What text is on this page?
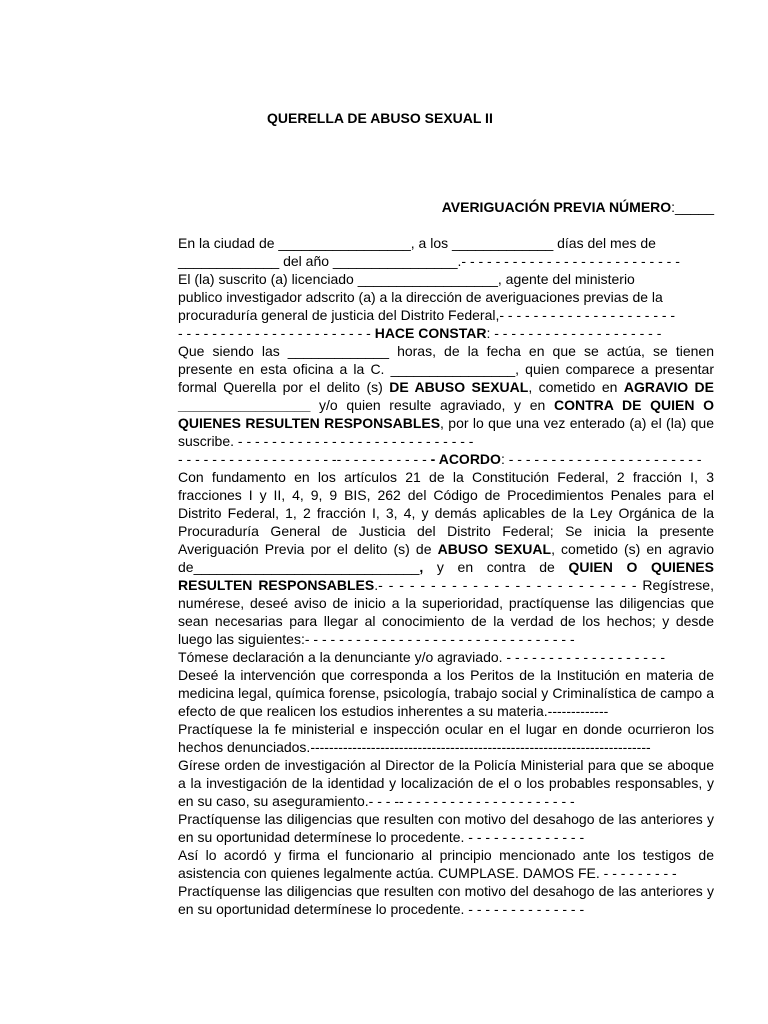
QUERELLA DE ABUSO SEXUAL II
AVERIGUACIÓN PREVIA NÚMERO:_____

En la ciudad de _________________, a los _____________ días del mes de

_____________ del año ________________.- - - - - - - - - - - - - - - - - - - - - - - - - -

El (la) suscrito (a) licenciado __________________, agente del ministerio

publico investigador adscrito (a) a la dirección de averiguaciones previas de la

procuraduría general de justicia del Distrito Federal,- - - - - - - - - - - - - - - - - - - - -

- - - - - - - - - - - - - - - - - - - - - - - HACE CONSTAR: - - - - - - - - - - - - - - - - - - - -

Que siendo las _____________ horas, de la fecha en que se actúa, se tienen presente en esta oficina a la C. ________________, quien comparece a presentar formal Querella por el delito (s) DE ABUSO SEXUAL, cometido en AGRAVIO DE _________________ y/o quien resulte agraviado, y en CONTRA DE QUIEN O QUIENES RESULTEN RESPONSABLES, por lo que una vez enterado (a) el (la) que suscribe. - - - - - - - - - - - - - - - - - - - - - - - - - - - -

- - - - - - - - - - - - - - - - - - -- - - - - - - - - - - - ACORDO: - - - - - - - - - - - - - - - - - - - - - - -

Con fundamento en los artículos 21 de la Constitución Federal, 2 fracción I, 3 fracciones I y II, 4, 9, 9 BIS, 262 del Código de Procedimientos Penales para el Distrito Federal, 1, 2 fracción I, 3, 4, y demás aplicables de la Ley Orgánica de la Procuraduría General de Justicia del Distrito Federal; Se inicia la presente Averiguación Previa por el delito (s) de ABUSO SEXUAL, cometido (s) en agravio de_____________________________, y en contra de QUIEN O QUIENES RESULTEN RESPONSABLES.- - - - - - - - - - - - - - - - - - - - - - - - - Regístrese, numérese, deseé aviso de inicio a la superioridad, practíquense las diligencias que sean necesarias para llegar al conocimiento de la verdad de los hechos; y desde luego las siguientes:- - - - - - - - - - - - - - - - - - - - - - - - - - - - - - - -

Tómese declaración a la denunciante y/o agraviado. - - - - - - - - - - - - - - - - - - -

Deseé la intervención que corresponda a los Peritos de la Institución en materia de medicina legal, química forense, psicología, trabajo social y Criminalística de campo a efecto de que realicen los estudios inherentes a su materia.-------------

Practíquese la fe ministerial e inspección ocular en el lugar en donde ocurrieron los hechos denunciados.-------------------------------------------------------------------------

Gírese orden de investigación al Director de la Policía Ministerial para que se aboque a la investigación de la identidad y localización de el o los probables responsables, y en su caso, su aseguramiento.- - - -- - - - - - - - - - - - - - - - - - - - -

Practíquense las diligencias que resulten con motivo del desahogo de las anteriores y en su oportunidad determínese lo procedente. - - - - - - - - - - - - - -

Así lo acordó y firma el funcionario al principio mencionado ante los testigos de asistencia con quienes legalmente actúa. CUMPLASE. DAMOS FE. - - - - - - - - -

Practíquense las diligencias que resulten con motivo del desahogo de las anteriores y en su oportunidad determínese lo procedente. - - - - - - - - - - - - - -
